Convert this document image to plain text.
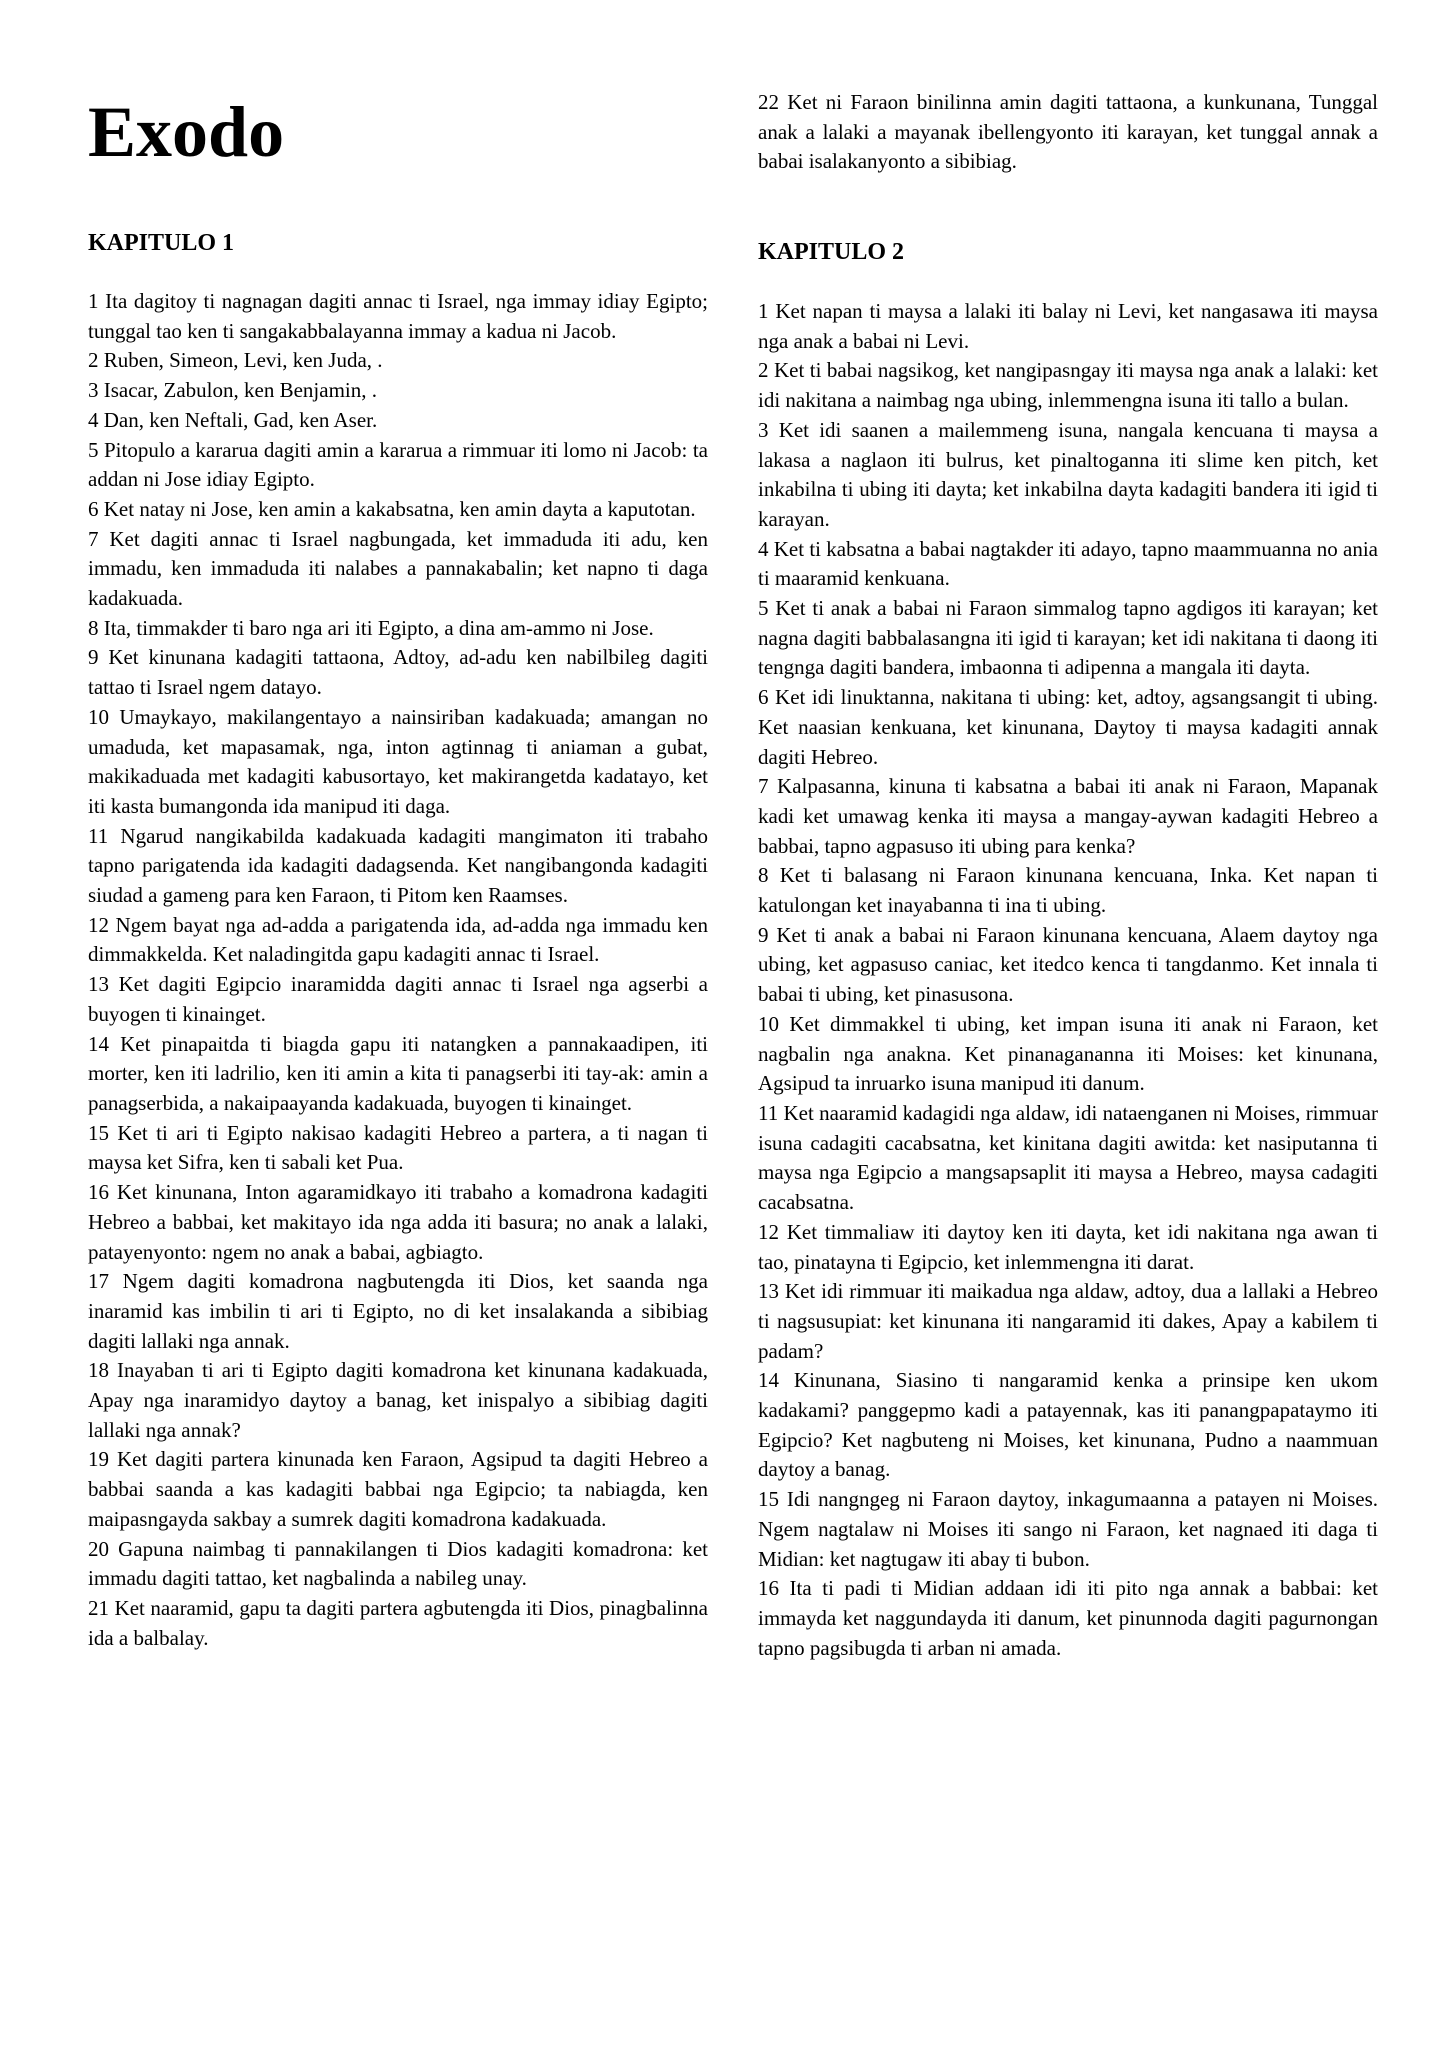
Exodo
KAPITULO 1

1 Ita dagitoy ti nagnagan dagiti annac ti Israel, nga immay idiay Egipto; tunggal tao ken ti sangakabbalayanna immay a kadua ni Jacob.

2 Ruben, Simeon, Levi, ken Juda, .

3 Isacar, Zabulon, ken Benjamin, .

4 Dan, ken Neftali, Gad, ken Aser.

5 Pitopulo a kararua dagiti amin a kararua a rimmuar iti lomo ni Jacob: ta addan ni Jose idiay Egipto.

6 Ket natay ni Jose, ken amin a kakabsatna, ken amin dayta a kaputotan.

7 Ket dagiti annac ti Israel nagbungada, ket immaduda iti adu, ken immadu, ken immaduda iti nalabes a pannakabalin; ket napno ti daga kadakuada.

8 Ita, timmakder ti baro nga ari iti Egipto, a dina am-ammo ni Jose.

9 Ket kinunana kadagiti tattaona, Adtoy, ad-adu ken nabilbileg dagiti tattao ti Israel ngem datayo.

10 Umaykayo, makilangentayo a nainsiriban kadakuada; amangan no umaduda, ket mapasamak, nga, inton agtinnag ti aniaman a gubat, makikaduada met kadagiti kabusortayo, ket makirangetda kadatayo, ket iti kasta bumangonda ida manipud iti daga.

11 Ngarud nangikabilda kadakuada kadagiti mangimaton iti trabaho tapno parigatenda ida kadagiti dadagsenda. Ket nangibangonda kadagiti siudad a gameng para ken Faraon, ti Pitom ken Raamses.

12 Ngem bayat nga ad-adda a parigatenda ida, ad-adda nga immadu ken dimmakkelda. Ket naladingitda gapu kadagiti annac ti Israel.

13 Ket dagiti Egipcio inaramidda dagiti annac ti Israel nga agserbi a buyogen ti kinainget.

14 Ket pinapaitda ti biagda gapu iti natangken a pannakaadipen, iti morter, ken iti ladrilio, ken iti amin a kita ti panagserbi iti tay-ak: amin a panagserbida, a nakaipaayanda kadakuada, buyogen ti kinainget.

15 Ket ti ari ti Egipto nakisao kadagiti Hebreo a partera, a ti nagan ti maysa ket Sifra, ken ti sabali ket Pua.

16 Ket kinunana, Inton agaramidkayo iti trabaho a komadrona kadagiti Hebreo a babbai, ket makitayo ida nga adda iti basura; no anak a lalaki, patayenyonto: ngem no anak a babai, agbiagto.

17 Ngem dagiti komadrona nagbutengda iti Dios, ket saanda nga inaramid kas imbilin ti ari ti Egipto, no di ket insalakanda a sibibiag dagiti lallaki nga annak.

18 Inayaban ti ari ti Egipto dagiti komadrona ket kinunana kadakuada, Apay nga inaramidyo daytoy a banag, ket inispalyo a sibibiag dagiti lallaki nga annak?

19 Ket dagiti partera kinunada ken Faraon, Agsipud ta dagiti Hebreo a babbai saanda a kas kadagiti babbai nga Egipcio; ta nabiagda, ken maipasngayda sakbay a sumrek dagiti komadrona kadakuada.

20 Gapuna naimbag ti pannakilangen ti Dios kadagiti komadrona: ket immadu dagiti tattao, ket nagbalinda a nabileg unay.

21 Ket naaramid, gapu ta dagiti partera agbutengda iti Dios, pinagbalinna ida a balbalay.

22 Ket ni Faraon binilinna amin dagiti tattaona, a kunkunana, Tunggal anak a lalaki a mayanak ibellengyonto iti karayan, ket tunggal annak a babai isalakanyonto a sibibiag.

KAPITULO 2

1 Ket napan ti maysa a lalaki iti balay ni Levi, ket nangasawa iti maysa nga anak a babai ni Levi.

2 Ket ti babai nagsikog, ket nangipasngay iti maysa nga anak a lalaki: ket idi nakitana a naimbag nga ubing, inlemmengna isuna iti tallo a bulan.

3 Ket idi saanen a mailemmeng isuna, nangala kencuana ti maysa a lakasa a naglaon iti bulrus, ket pinaltoganna iti slime ken pitch, ket inkabilna ti ubing iti dayta; ket inkabilna dayta kadagiti bandera iti igid ti karayan.

4 Ket ti kabsatna a babai nagtakder iti adayo, tapno maammuanna no ania ti maaramid kenkuana.

5 Ket ti anak a babai ni Faraon simmalog tapno agdigos iti karayan; ket nagna dagiti babbalasangna iti igid ti karayan; ket idi nakitana ti daong iti tengnga dagiti bandera, imbaonna ti adipenna a mangala iti dayta.

6 Ket idi linuktanna, nakitana ti ubing: ket, adtoy, agsangsangit ti ubing. Ket naasian kenkuana, ket kinunana, Daytoy ti maysa kadagiti annak dagiti Hebreo.

7 Kalpasanna, kinuna ti kabsatna a babai iti anak ni Faraon, Mapanak kadi ket umawag kenka iti maysa a mangay-aywan kadagiti Hebreo a babbai, tapno agpasuso iti ubing para kenka?

8 Ket ti balasang ni Faraon kinunana kencuana, Inka. Ket napan ti katulongan ket inayabanna ti ina ti ubing.

9 Ket ti anak a babai ni Faraon kinunana kencuana, Alaem daytoy nga ubing, ket agpasuso caniac, ket itedco kenca ti tangdanmo. Ket innala ti babai ti ubing, ket pinasusona.

10 Ket dimmakkel ti ubing, ket impan isuna iti anak ni Faraon, ket nagbalin nga anakna. Ket pinanagananna iti Moises: ket kinunana, Agsipud ta inruarko isuna manipud iti danum.

11 Ket naaramid kadagidi nga aldaw, idi nataenganen ni Moises, rimmuar isuna cadagiti cacabsatna, ket kinitana dagiti awitda: ket nasiputanna ti maysa nga Egipcio a mangsapsaplit iti maysa a Hebreo, maysa cadagiti cacabsatna.

12 Ket timmaliaw iti daytoy ken iti dayta, ket idi nakitana nga awan ti tao, pinatayna ti Egipcio, ket inlemmengna iti darat.

13 Ket idi rimmuar iti maikadua nga aldaw, adtoy, dua a lallaki a Hebreo ti nagsusupiat: ket kinunana iti nangaramid iti dakes, Apay a kabilem ti padam?

14 Kinunana, Siasino ti nangaramid kenka a prinsipe ken ukom kadakami? panggepmo kadi a patayennak, kas iti panangpapataymo iti Egipcio? Ket nagbuteng ni Moises, ket kinunana, Pudno a naammuan daytoy a banag.

15 Idi nangngeg ni Faraon daytoy, inkagumaanna a patayen ni Moises. Ngem nagtalaw ni Moises iti sango ni Faraon, ket nagnaed iti daga ti Midian: ket nagtugaw iti abay ti bubon.

16 Ita ti padi ti Midian addaan idi iti pito nga annak a babbai: ket immayda ket naggundayda iti danum, ket pinunnoda dagiti pagurnongan tapno pagsibugda ti arban ni amada.
